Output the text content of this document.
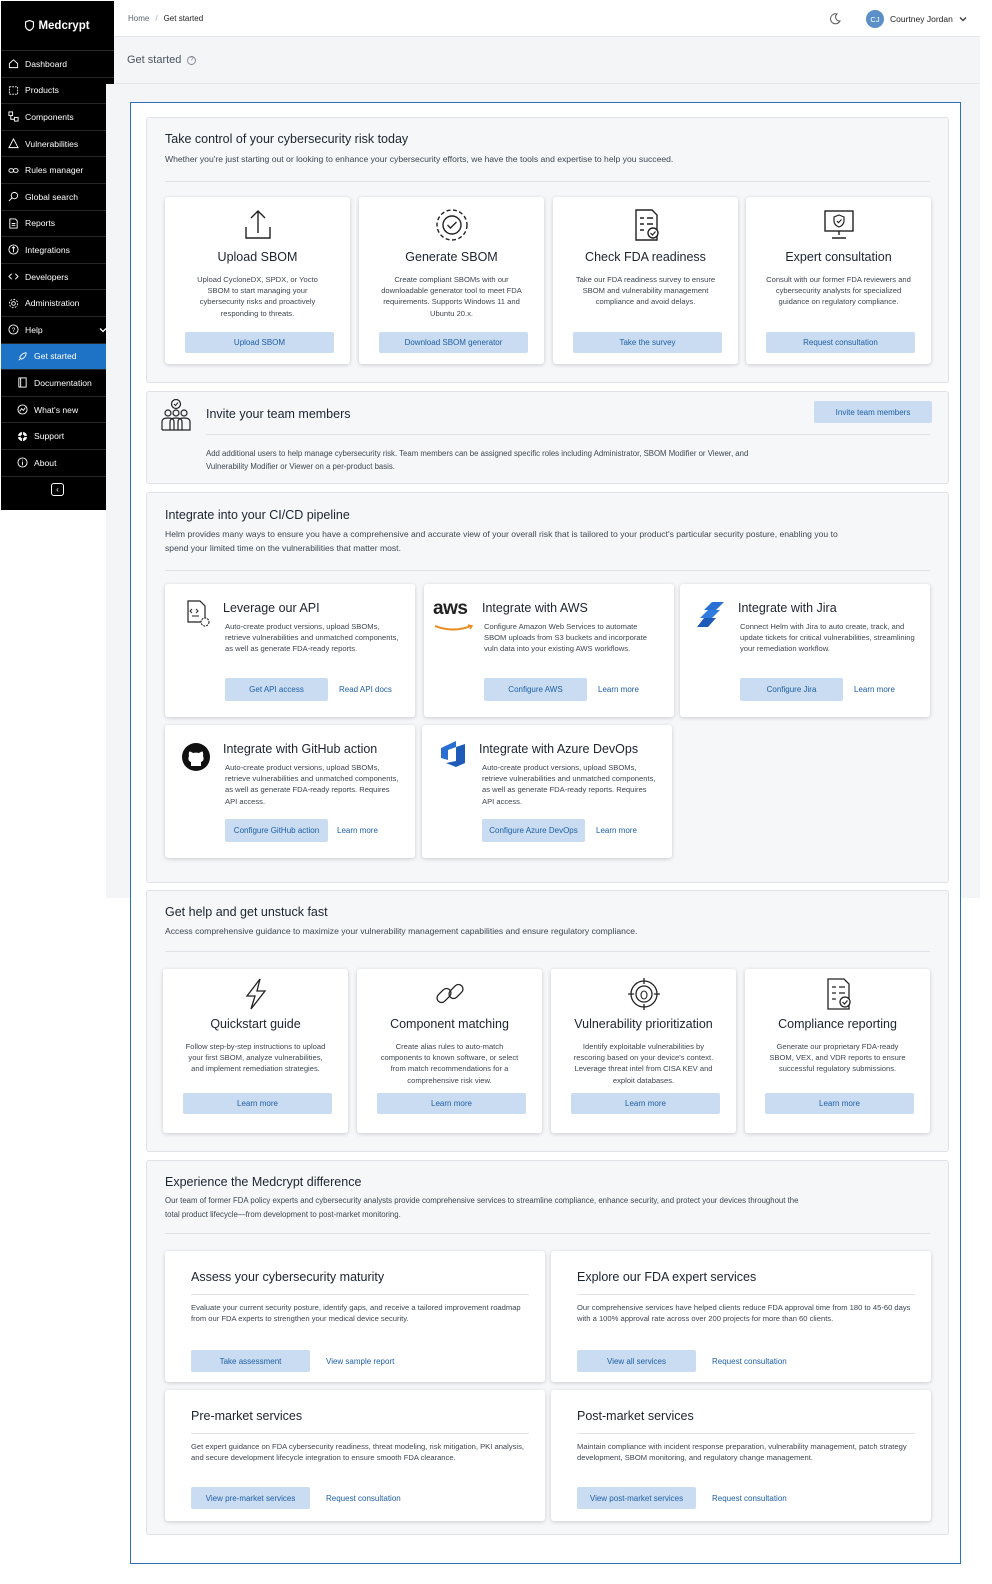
Medcrypt
Dashboard
Products
Components
Vulnerabilities
Rules manager
Global search
Reports
Integrations
Developers
Administration
? Help
Get started
Documentation
What's new
Support
About
‹
Home / Get started	CJ	Courtney Jordan
Get started	?
Take control of your cybersecurity risk today
Whether you're just starting out or looking to enhance your cybersecurity efforts, we have the tools and expertise to help you succeed.
Upload SBOM
Upload CycloneDX, SPDX, or Yocto SBOM to start managing your cybersecurity risks and proactively responding to threats.
Upload SBOM
Generate SBOM
Create compliant SBOMs with our downloadable generator tool to meet FDA requirements. Supports Windows 11 and Ubuntu 20.x.
Download SBOM generator
Check FDA readiness
Take our FDA readiness survey to ensure SBOM and vulnerability management compliance and avoid delays.
Take the survey
Expert consultation
Consult with our former FDA reviewers and cybersecurity analysts for specialized guidance on regulatory compliance.
Request consultation
Invite your team members	Invite team members
Add additional users to help manage cybersecurity risk. Team members can be assigned specific roles including Administrator, SBOM Modifier or Viewer, and Vulnerability Modifier or Viewer on a per-product basis.
Integrate into your CI/CD pipeline
Helm provides many ways to ensure you have a comprehensive and accurate view of your overall risk that is tailored to your product's particular security posture, enabling you to spend your limited time on the vulnerabilities that matter most.
Leverage our API
Auto-create product versions, upload SBOMs, retrieve vulnerabilities and unmatched components, as well as generate FDA-ready reports.
Get API access	Read API docs
aws	Integrate with AWS
Configure Amazon Web Services to automate SBOM uploads from S3 buckets and incorporate vuln data into your existing AWS workflows.
Configure AWS	Learn more
Integrate with Jira
Connect Helm with Jira to auto create, track, and update tickets for critical vulnerabilities, streamlining your remediation workflow.
Configure Jira	Learn more
Integrate with GitHub action
Auto-create product versions, upload SBOMs, retrieve vulnerabilities and unmatched components, as well as generate FDA-ready reports. Requires API access.
Configure GitHub action	Learn more
Integrate with Azure DevOps
Auto-create product versions, upload SBOMs, retrieve vulnerabilities and unmatched components, as well as generate FDA-ready reports. Requires API access.
Configure Azure DevOps	Learn more
Get help and get unstuck fast
Access comprehensive guidance to maximize your vulnerability management capabilities and ensure regulatory compliance.
Quickstart guide
Follow step-by-step instructions to upload your first SBOM, analyze vulnerabilities, and implement remediation strategies.
Learn more
Component matching
Create alias rules to auto-match components to known software, or select from match recommendations for a comprehensive risk view.
Learn more
Vulnerability prioritization
Identify exploitable vulnerabilities by rescoring based on your device's context. Leverage threat intel from CISA KEV and exploit databases.
Learn more
Compliance reporting
Generate our proprietary FDA-ready SBOM, VEX, and VDR reports to ensure successful regulatory submissions.
Learn more
Experience the Medcrypt difference
Our team of former FDA policy experts and cybersecurity analysts provide comprehensive services to streamline compliance, enhance security, and protect your devices throughout the total product lifecycle—from development to post-market monitoring.
Assess your cybersecurity maturity
Evaluate your current security posture, identify gaps, and receive a tailored improvement roadmap from our FDA experts to strengthen your medical device security.
Take assessment	View sample report
Explore our FDA expert services
Our comprehensive services have helped clients reduce FDA approval time from 180 to 45-60 days with a 100% approval rate across over 200 projects for more than 60 clients.
View all services	Request consultation
Pre-market services
Get expert guidance on FDA cybersecurity readiness, threat modeling, risk mitigation, PKI analysis, and secure development lifecycle integration to ensure smooth FDA clearance.
View pre-market services	Request consultation
Post-market services
Maintain compliance with incident response preparation, vulnerability management, patch strategy development, SBOM monitoring, and regulatory change management.
View post-market services	Request consultation
